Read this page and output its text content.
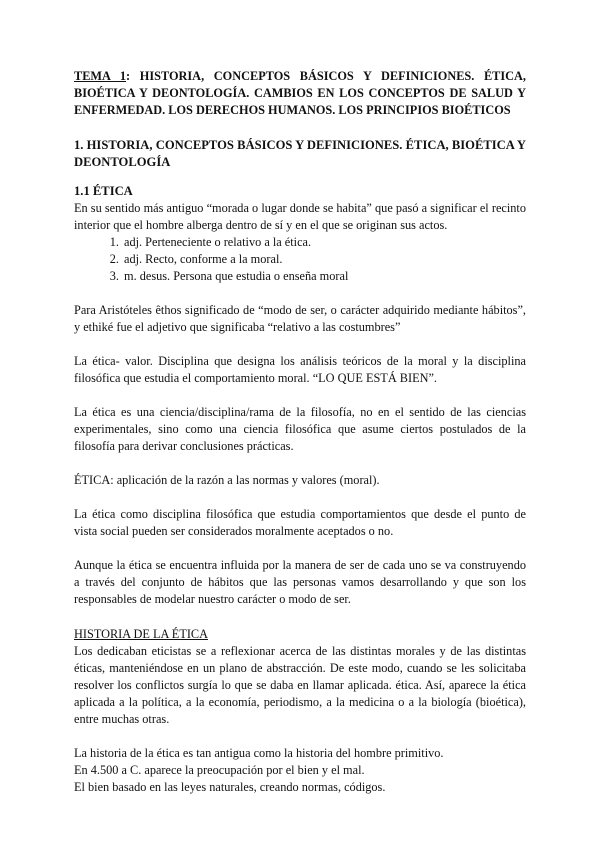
TEMA 1: HISTORIA, CONCEPTOS BÁSICOS Y DEFINICIONES. ÉTICA, BIOÉTICA Y DEONTOLOGÍA. CAMBIOS EN LOS CONCEPTOS DE SALUD Y ENFERMEDAD. LOS DERECHOS HUMANOS. LOS PRINCIPIOS BIOÉTICOS

1. HISTORIA, CONCEPTOS BÁSICOS Y DEFINICIONES. ÉTICA, BIOÉTICA Y DEONTOLOGÍA

1.1 ÉTICA

En su sentido más antiguo “morada o lugar donde se habita” que pasó a significar el recinto interior que el hombre alberga dentro de sí y en el que se originan sus actos.

1. adj. Perteneciente o relativo a la ética.
2. adj. Recto, conforme a la moral.
3. m. desus. Persona que estudia o enseña moral

Para Aristóteles êthos significado de “modo de ser, o carácter adquirido mediante hábitos”, y ethiké fue el adjetivo que significaba “relativo a las costumbres”

La ética- valor. Disciplina que designa los análisis teóricos de la moral y la disciplina filosófica que estudia el comportamiento moral. “LO QUE ESTÁ BIEN”.

La ética es una ciencia/disciplina/rama de la filosofía, no en el sentido de las ciencias experimentales, sino como una ciencia filosófica que asume ciertos postulados de la filosofía para derivar conclusiones prácticas.

ÉTICA: aplicación de la razón a las normas y valores (moral).

La ética como disciplina filosófica que estudia comportamientos que desde el punto de vista social pueden ser considerados moralmente aceptados o no.

Aunque la ética se encuentra influida por la manera de ser de cada uno se va construyendo a través del conjunto de hábitos que las personas vamos desarrollando y que son los responsables de modelar nuestro carácter o modo de ser.

HISTORIA DE LA ÉTICA

Los dedicaban eticistas se a reflexionar acerca de las distintas morales y de las distintas éticas, manteniéndose en un plano de abstracción. De este modo, cuando se les solicitaba resolver los conflictos surgía lo que se daba en llamar aplicada. ética. Así, aparece la ética aplicada a la política, a la economía, periodismo, a la medicina o a la biología (bioética), entre muchas otras.

La historia de la ética es tan antigua como la historia del hombre primitivo.

En 4.500 a C. aparece la preocupación por el bien y el mal.

El bien basado en las leyes naturales, creando normas, códigos.
